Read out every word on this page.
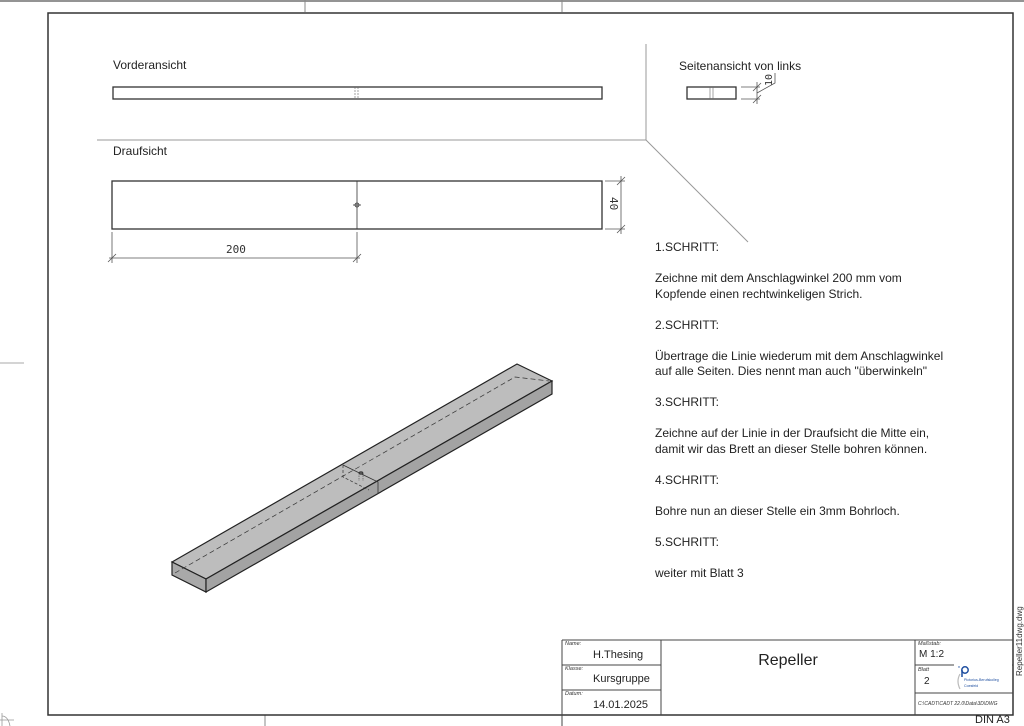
Vorderansicht	Seitenansicht von links
Draufsicht
10
40
200	1.SCHRITT:

Zeichne mit dem Anschlagwinkel 200 mm vom Kopfende einen rechtwinkeligen Strich.

2.SCHRITT:

Übertrage die Linie wiederum mit dem Anschlagwinkel auf alle Seiten. Dies nennt man auch "überwinkeln"

3.SCHRITT:

Zeichne auf der Linie in der Draufsicht die Mitte ein, damit wir das Brett an dieser Stelle bohren können.

4.SCHRITT:

Bohre nun an dieser Stelle ein 3mm Bohrloch.

5.SCHRITT:

weiter mit Blatt 3

Name:
H.Thesing
Klasse:
Kursgruppe
Datum:
14.01.2025
Repeller
Maßstab:
M 1:2
Blatt
2	Pictorius-Berufskolleg
Coesfeld
C:\CADT\CADT 22.0\Data\3D\DWG
Repeller11dwg.dwg
DIN A3
